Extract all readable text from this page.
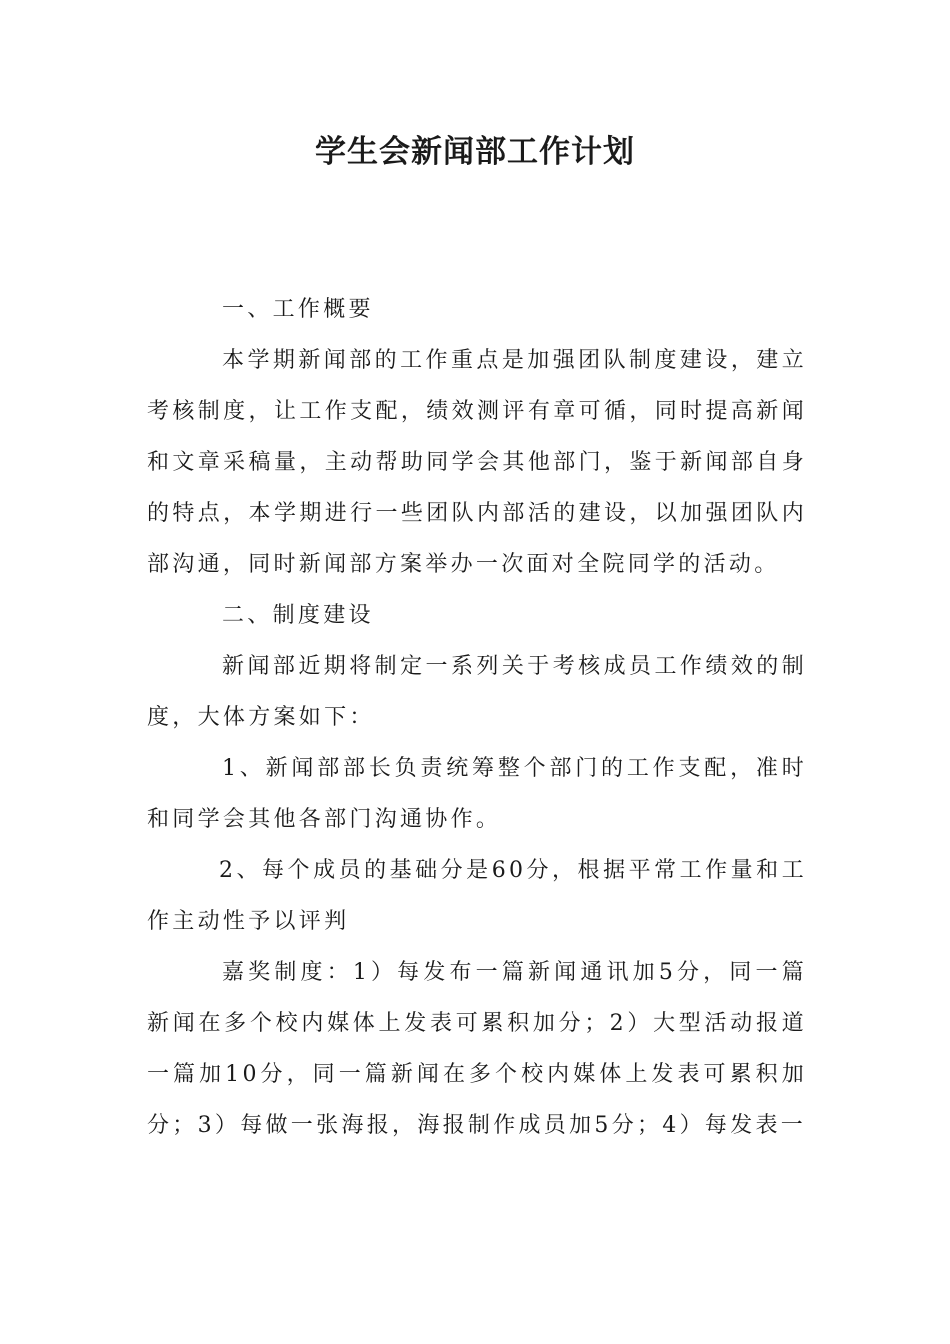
学生会新闻部工作计划

一、工作概要

本学期新闻部的工作重点是加强团队制度建设，建立考核制度，让工作支配，绩效测评有章可循，同时提高新闻和文章采稿量，主动帮助同学会其他部门，鉴于新闻部自身的特点，本学期进行一些团队内部活的建设，以加强团队内部沟通，同时新闻部方案举办一次面对全院同学的活动。

二、制度建设

新闻部近期将制定一系列关于考核成员工作绩效的制度，大体方案如下：

1、新闻部部长负责统筹整个部门的工作支配，准时和同学会其他各部门沟通协作。

2、每个成员的基础分是60分，根据平常工作量和工作主动性予以评判

嘉奖制度：1）每发布一篇新闻通讯加5分，同一篇新闻在多个校内媒体上发表可累积加分；2）大型活动报道一篇加10分，同一篇新闻在多个校内媒体上发表可累积加分；3）每做一张海报，海报制作成员加5分；4）每发表一
